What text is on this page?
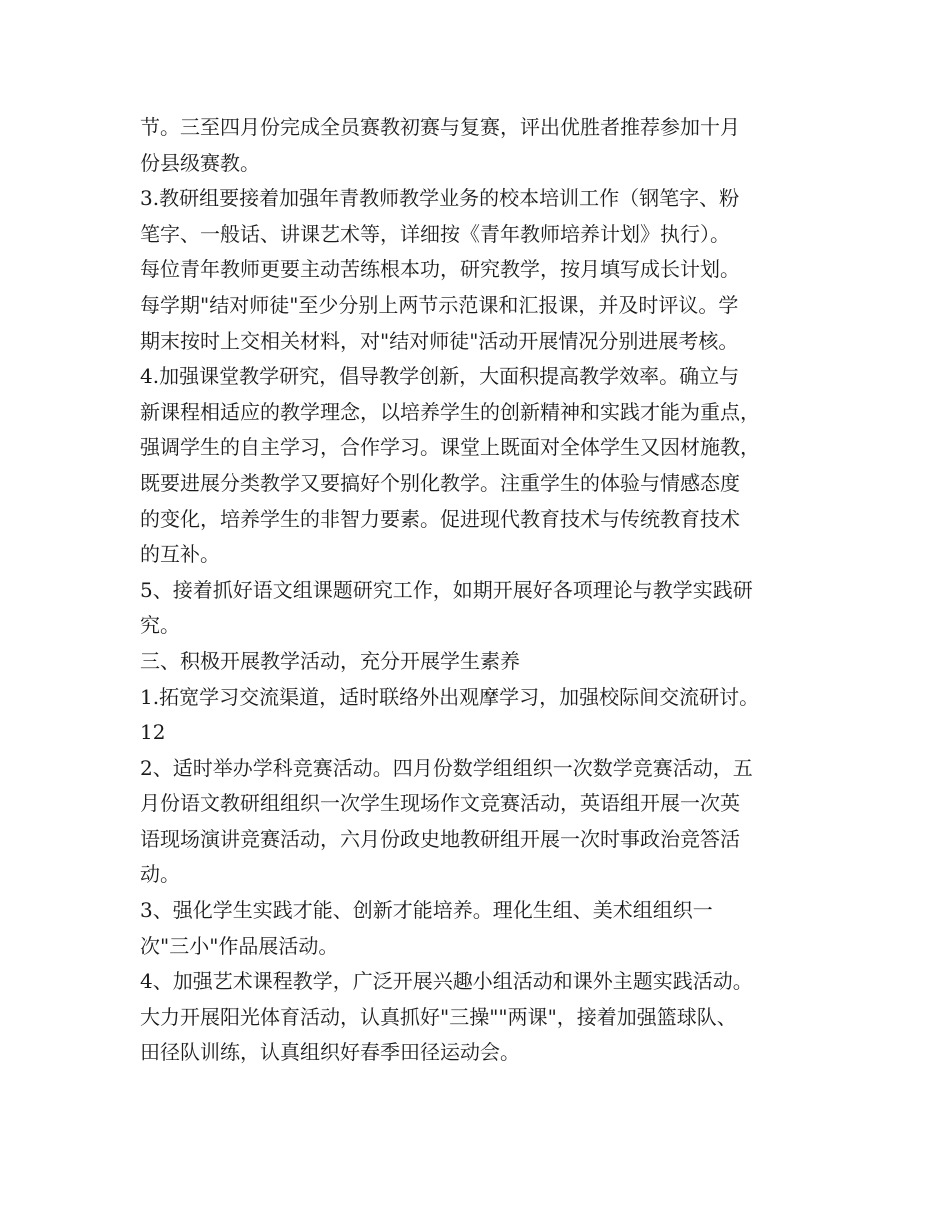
节。三至四月份完成全员赛教初赛与复赛，评出优胜者推荐参加十月
份县级赛教。
3.教研组要接着加强年青教师教学业务的校本培训工作（钢笔字、粉
笔字、一般话、讲课艺术等，详细按《青年教师培养计划》执行）。
每位青年教师更要主动苦练根本功，研究教学，按月填写成长计划。
每学期"结对师徒"至少分别上两节示范课和汇报课，并及时评议。学
期末按时上交相关材料，对"结对师徒"活动开展情况分别进展考核。
4.加强课堂教学研究，倡导教学创新，大面积提高教学效率。确立与
新课程相适应的教学理念，以培养学生的创新精神和实践才能为重点，
强调学生的自主学习，合作学习。课堂上既面对全体学生又因材施教，
既要进展分类教学又要搞好个别化教学。注重学生的体验与情感态度
的变化，培养学生的非智力要素。促进现代教育技术与传统教育技术
的互补。
5、接着抓好语文组课题研究工作，如期开展好各项理论与教学实践研
究。
三、积极开展教学活动，充分开展学生素养
1.拓宽学习交流渠道，适时联络外出观摩学习，加强校际间交流研讨。
12
2、适时举办学科竞赛活动。四月份数学组组织一次数学竞赛活动，五
月份语文教研组组织一次学生现场作文竞赛活动，英语组开展一次英
语现场演讲竞赛活动，六月份政史地教研组开展一次时事政治竞答活
动。
3、强化学生实践才能、创新才能培养。理化生组、美术组组织一
次"三小"作品展活动。
4、加强艺术课程教学，广泛开展兴趣小组活动和课外主题实践活动。
大力开展阳光体育活动，认真抓好"三操""两课"，接着加强篮球队、
田径队训练，认真组织好春季田径运动会。
